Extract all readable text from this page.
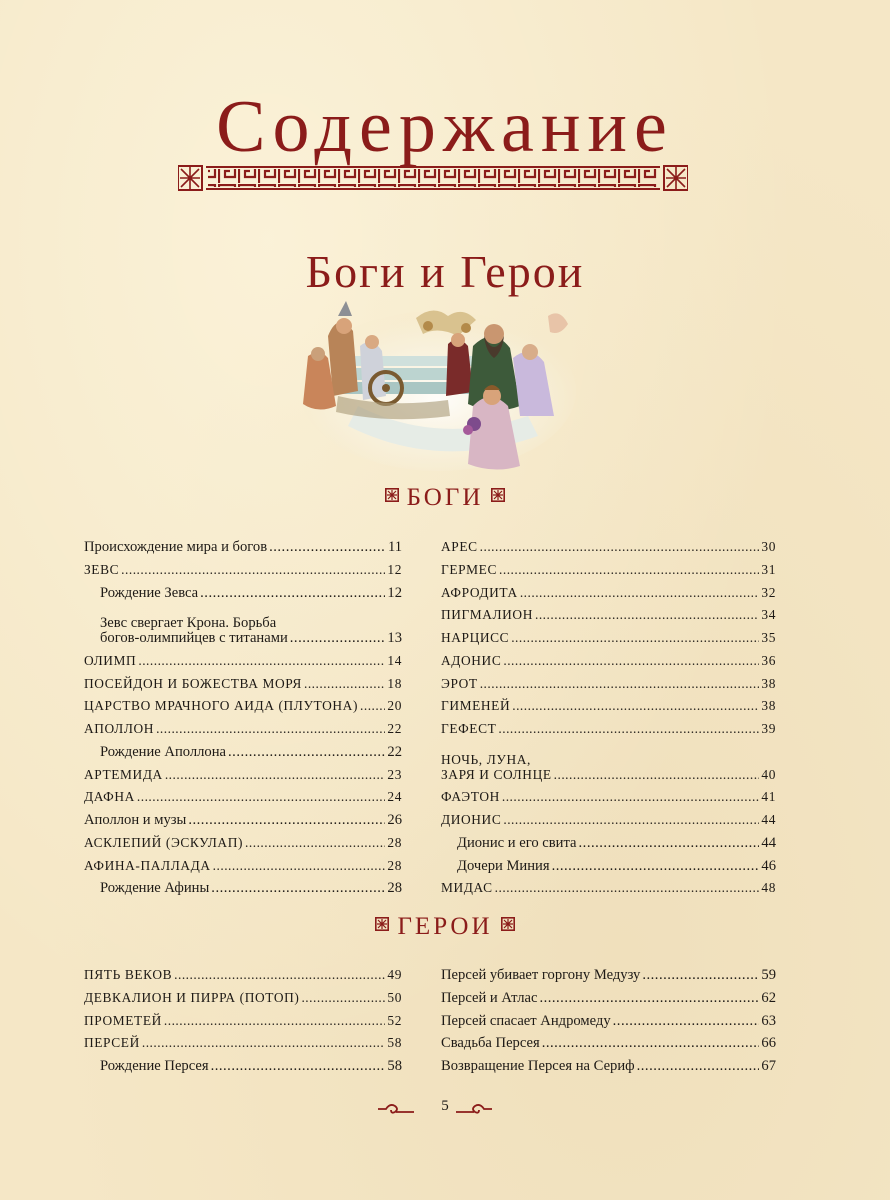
Содержание
Боги и Герои
БОГИ
Происхождение мира и богов .....	11
ЗЕВС .....	12
Рождение Зевса .....	12
Зевс свергает Крона. Борьба
богов-олимпийцев с титанами .....	13
ОЛИМП .....	14
ПОСЕЙДОН И БОЖЕСТВА МОРЯ .....	18
ЦАРСТВО МРАЧНОГО АИДА (ПЛУТОНА) ..... 20
АПОЛЛОН .....	22
Рождение Аполлона .....	22
АРТЕМИДА .....	23
ДАФНА .....	24
Аполлон и музы .....	26
АСКЛЕПИЙ (ЭСКУЛАП) .....	28
АФИНА-ПАЛЛАДА .....	28
Рождение Афины .....	28
АРЕС .....	30
ГЕРМЕС .....	31
АФРОДИТА .....	32
ПИГМАЛИОН .....	34
НАРЦИСС .....	35
АДОНИС .....	36
ЭРОТ .....	38
ГИМЕНЕЙ .....	38
ГЕФЕСТ .....	39
НОЧЬ, ЛУНА,
ЗАРЯ И СОЛНЦЕ .....	40
ФАЭТОН .....	41
ДИОНИС .....	44
Дионис и его свита .....	44
Дочери Миния .....	46
МИДАС .....	48
ГЕРОИ
ПЯТЬ ВЕКОВ .....	49
ДЕВКАЛИОН И ПИРРА (ПОТОП) .....	50
ПРОМЕТЕЙ .....	52
ПЕРСЕЙ .....	58
Рождение Персея .....	58
Персей убивает горгону Медузу .....	59
Персей и Атлас .....	62
Персей спасает Андромеду .....	63
Свадьба Персея .....	66
Возвращение Персея на Сериф .....	67
5
